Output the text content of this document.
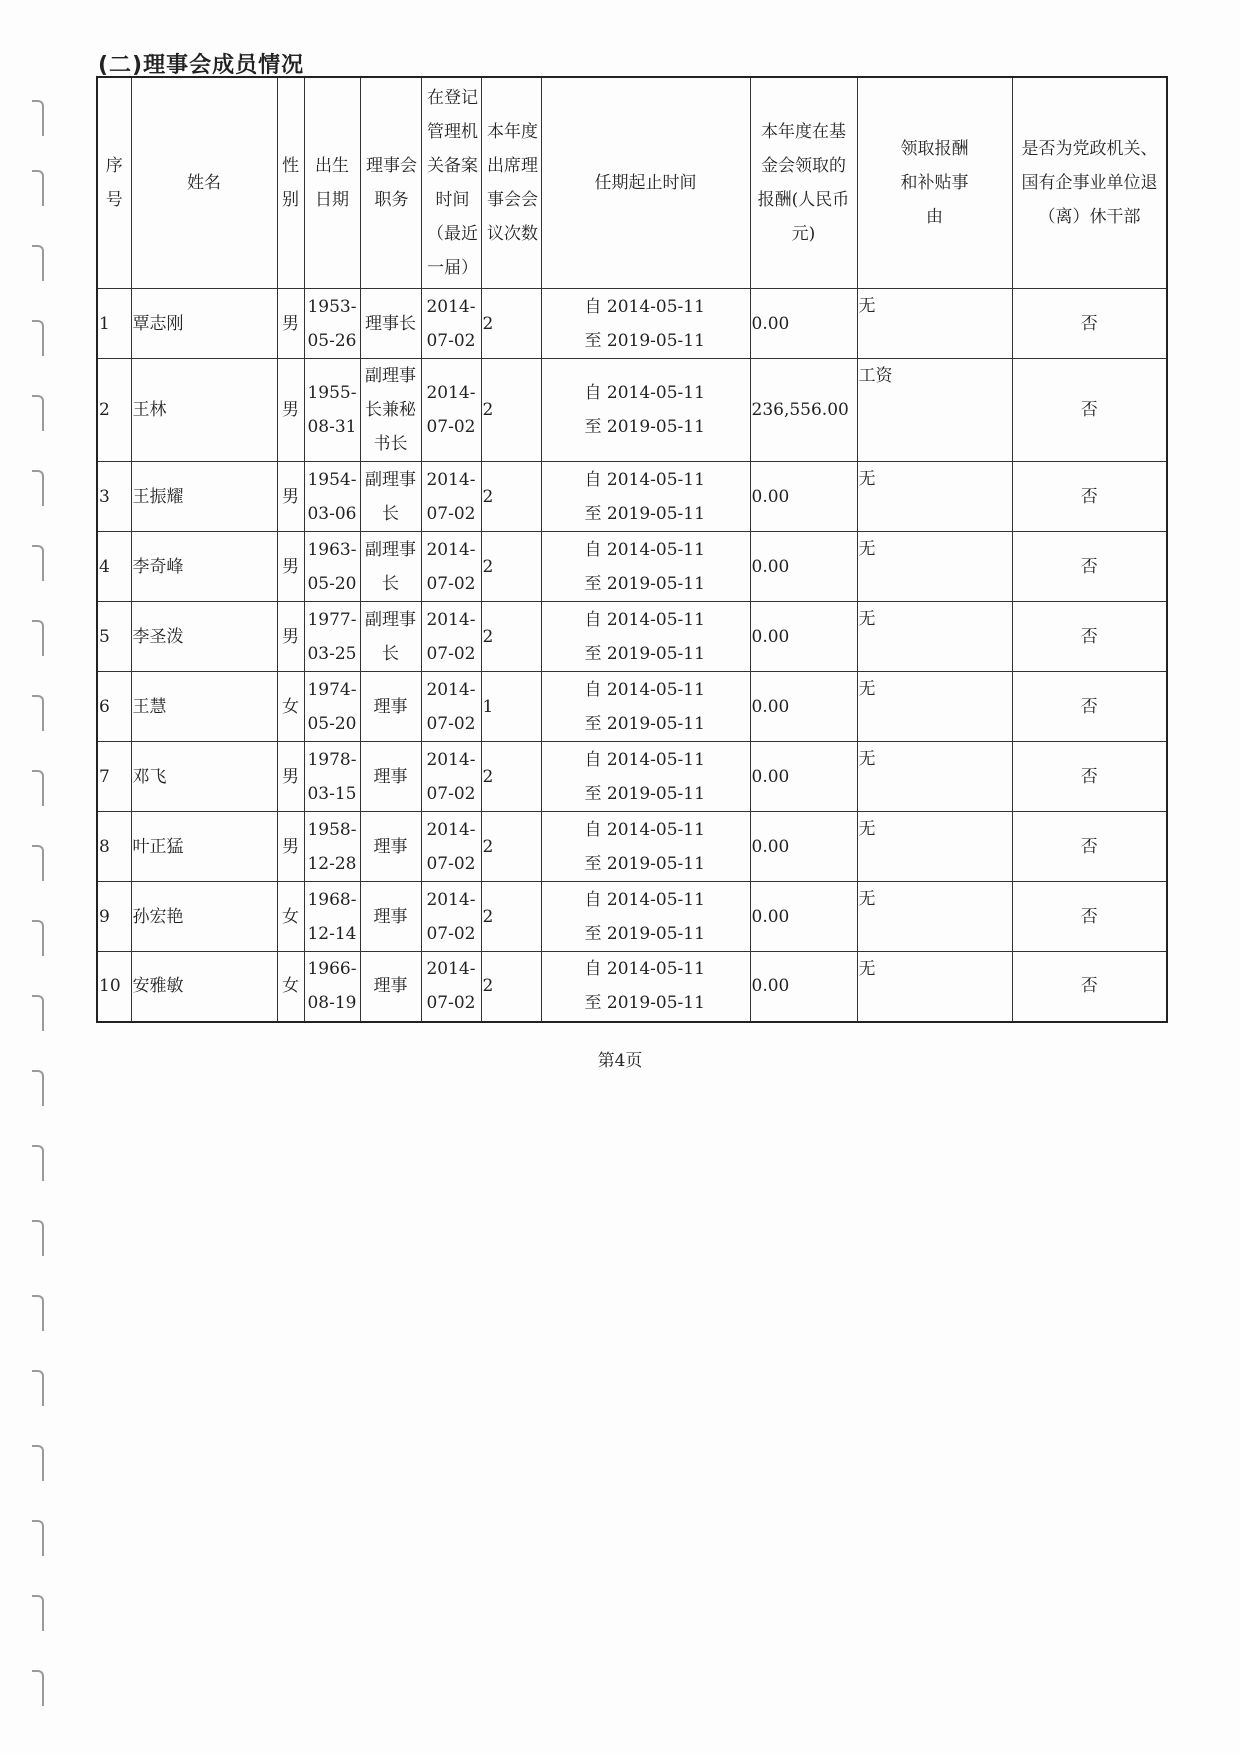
(二)理事会成员情况
序号	姓名	性别	出生日期	理事会职务	在登记管理机关备案时间（最近一届）	本年度出席理事会会议次数	任期起止时间	本年度在基金会领取的报酬(人民币元)	领取报酬和补贴事由	是否为党政机关、国有企事业单位退（离）休干部

1	覃志刚	男	1953-05-26	理事长	2014-07-02	2	自 2014-05-11
至 2019-05-11	0.00	无	否
2	王林	男	1955-08-31	副理事长兼秘书长	2014-07-02	2	自 2014-05-11
至 2019-05-11	236,556.00	工资	否
3	王振耀	男	1954-03-06	副理事长	2014-07-02	2	自 2014-05-11
至 2019-05-11	0.00	无	否
4	李奇峰	男	1963-05-20	副理事长	2014-07-02	2	自 2014-05-11
至 2019-05-11	0.00	无	否
5	李圣泼	男	1977-03-25	副理事长	2014-07-02	2	自 2014-05-11
至 2019-05-11	0.00	无	否
6	王慧	女	1974-05-20	理事	2014-07-02	1	自 2014-05-11
至 2019-05-11	0.00	无	否
7	邓飞	男	1978-03-15	理事	2014-07-02	2	自 2014-05-11
至 2019-05-11	0.00	无	否
8	叶正猛	男	1958-12-28	理事	2014-07-02	2	自 2014-05-11
至 2019-05-11	0.00	无	否
9	孙宏艳	女	1968-12-14	理事	2014-07-02	2	自 2014-05-11
至 2019-05-11	0.00	无	否
10	安雅敏	女	1966-08-19	理事	2014-07-02	2	自 2014-05-11
至 2019-05-11	0.00	无	否
第4页
